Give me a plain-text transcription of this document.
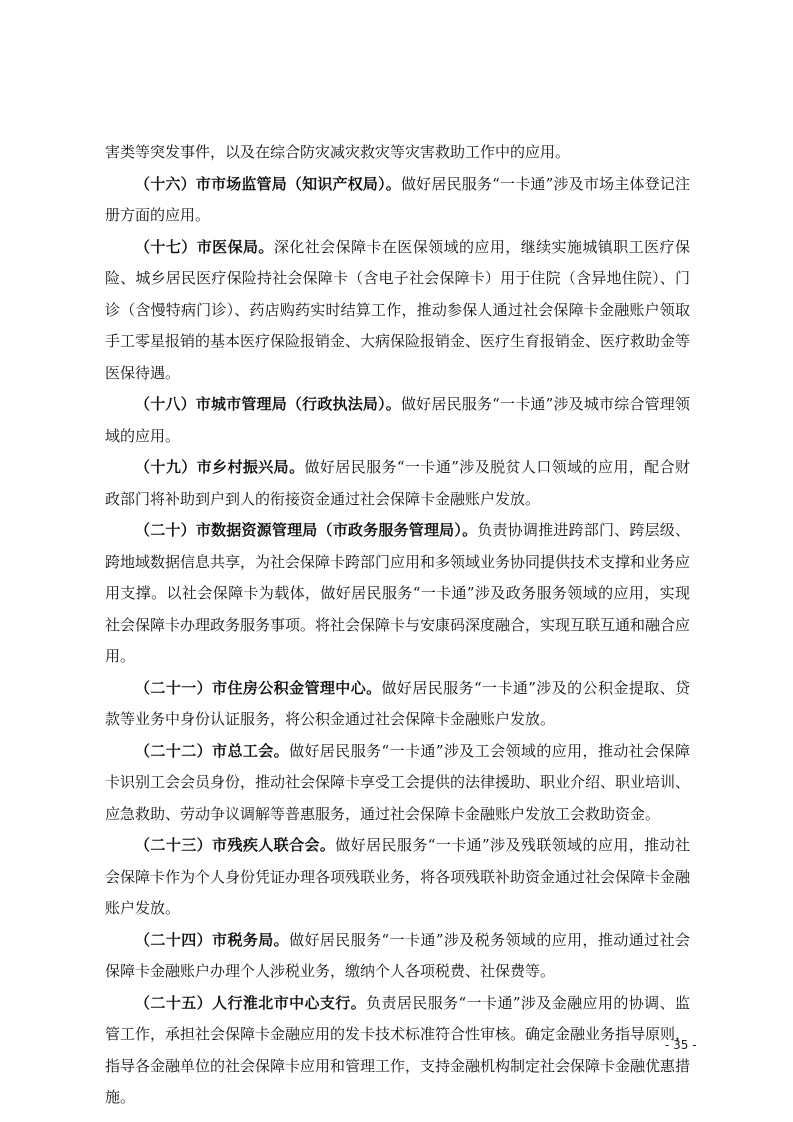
害类等突发事件，以及在综合防灾减灾救灾等灾害救助工作中的应用。

（十六）市市场监管局（知识产权局）。做好居民服务“一卡通”涉及市场主体登记注册方面的应用。

（十七）市医保局。深化社会保障卡在医保领域的应用，继续实施城镇职工医疗保险、城乡居民医疗保险持社会保障卡（含电子社会保障卡）用于住院（含异地住院）、门诊（含慢特病门诊）、药店购药实时结算工作，推动参保人通过社会保障卡金融账户领取手工零星报销的基本医疗保险报销金、大病保险报销金、医疗生育报销金、医疗救助金等医保待遇。

（十八）市城市管理局（行政执法局）。做好居民服务“一卡通”涉及城市综合管理领域的应用。

（十九）市乡村振兴局。做好居民服务“一卡通”涉及脱贫人口领域的应用，配合财政部门将补助到户到人的衔接资金通过社会保障卡金融账户发放。

（二十）市数据资源管理局（市政务服务管理局）。负责协调推进跨部门、跨层级、跨地域数据信息共享，为社会保障卡跨部门应用和多领域业务协同提供技术支撑和业务应用支撑。以社会保障卡为载体，做好居民服务“一卡通”涉及政务服务领域的应用，实现社会保障卡办理政务服务事项。将社会保障卡与安康码深度融合，实现互联互通和融合应用。

（二十一）市住房公积金管理中心。做好居民服务“一卡通”涉及的公积金提取、贷款等业务中身份认证服务，将公积金通过社会保障卡金融账户发放。

（二十二）市总工会。做好居民服务“一卡通”涉及工会领域的应用，推动社会保障卡识别工会会员身份，推动社会保障卡享受工会提供的法律援助、职业介绍、职业培训、应急救助、劳动争议调解等普惠服务，通过社会保障卡金融账户发放工会救助资金。

（二十三）市残疾人联合会。做好居民服务“一卡通”涉及残联领域的应用，推动社会保障卡作为个人身份凭证办理各项残联业务，将各项残联补助资金通过社会保障卡金融账户发放。

（二十四）市税务局。做好居民服务“一卡通”涉及税务领域的应用，推动通过社会保障卡金融账户办理个人涉税业务，缴纳个人各项税费、社保费等。

（二十五）人行淮北市中心支行。负责居民服务“一卡通”涉及金融应用的协调、监管工作，承担社会保障卡金融应用的发卡技术标准符合性审核。确定金融业务指导原则，指导各金融单位的社会保障卡应用和管理工作，支持金融机构制定社会保障卡金融优惠措施。

- 35 -
